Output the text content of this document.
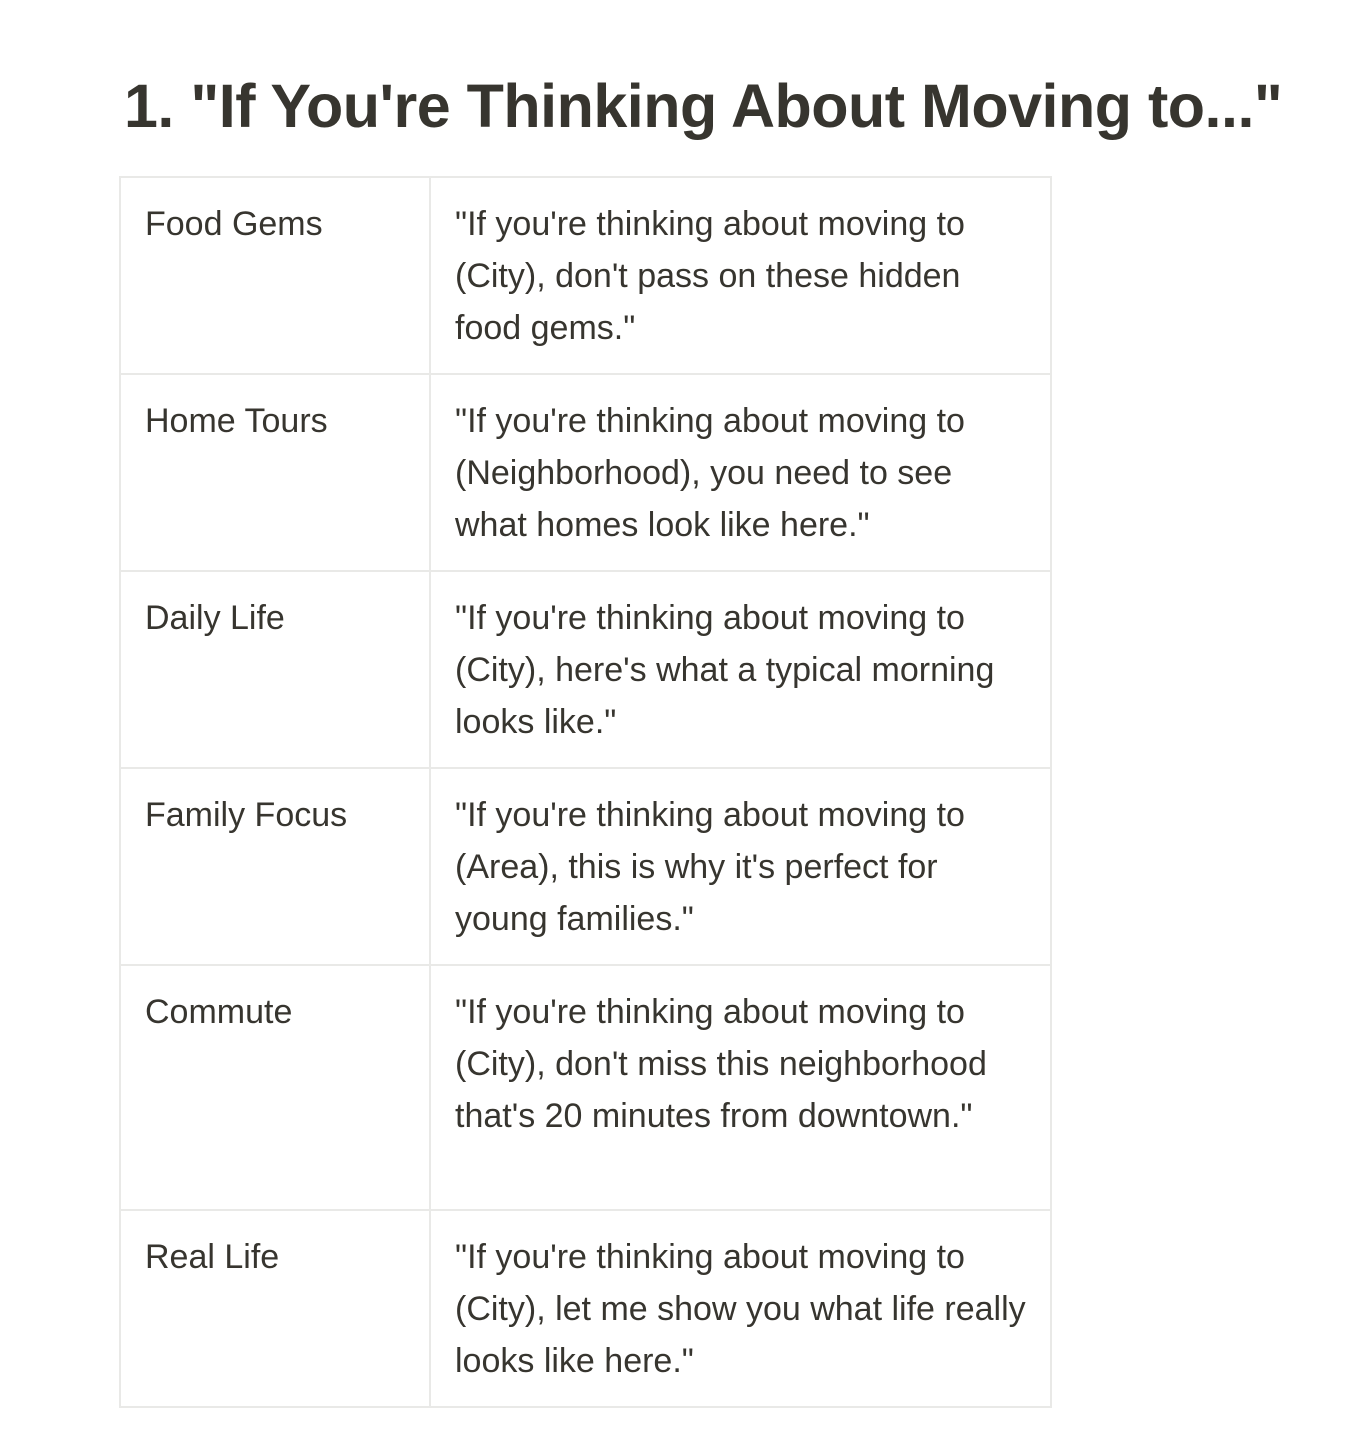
1. "If You're Thinking About Moving to..."
Food Gems	"If you're thinking about moving to (City), don't pass on these hidden food gems."
Home Tours	"If you're thinking about moving to (Neighborhood), you need to see what homes look like here."
Daily Life	"If you're thinking about moving to (City), here's what a typical morning looks like."
Family Focus	"If you're thinking about moving to (Area), this is why it's perfect for young families."
Commute	"If you're thinking about moving to (City), don't miss this neighborhood that's 20 minutes from downtown."
Real Life	"If you're thinking about moving to (City), let me show you what life really looks like here."
